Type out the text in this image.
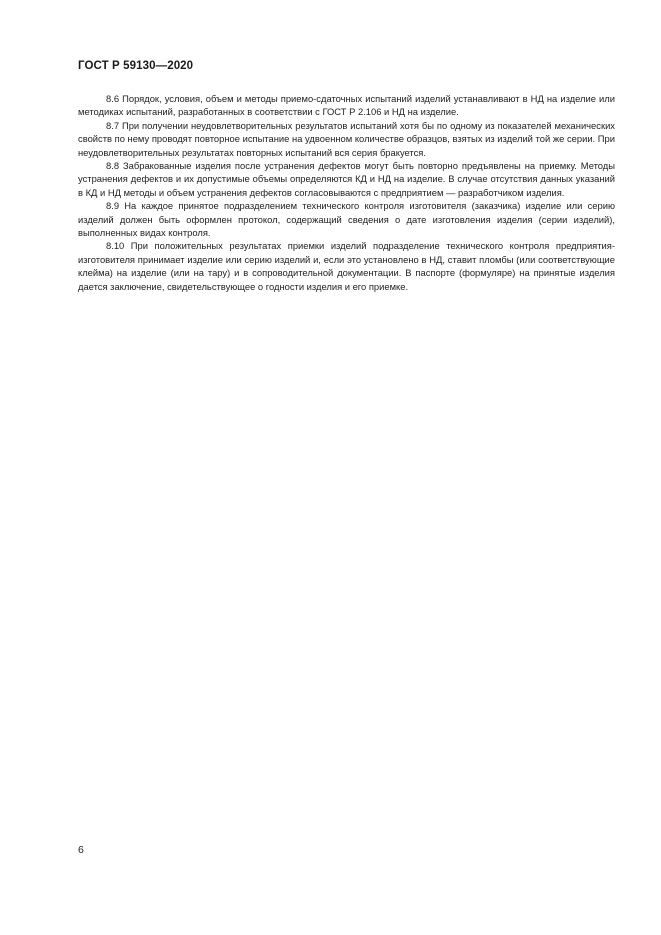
ГОСТ Р 59130—2020

8.6 Порядок, условия, объем и методы приемо-сдаточных испытаний изделий устанавливают в НД на изделие или методиках испытаний, разработанных в соответствии с ГОСТ Р 2.106 и НД на изделие.

8.7 При получении неудовлетворительных результатов испытаний хотя бы по одному из показателей механических свойств по нему проводят повторное испытание на удвоенном количестве образцов, взятых из изделий той же серии. При неудовлетворительных результатах повторных испытаний вся серия бракуется.

8.8 Забракованные изделия после устранения дефектов могут быть повторно предъявлены на приемку. Методы устранения дефектов и их допустимые объемы определяются КД и НД на изделие. В случае отсутствия данных указаний в КД и НД методы и объем устранения дефектов согласовываются с предприятием — разработчиком изделия.

8.9 На каждое принятое подразделением технического контроля изготовителя (заказчика) изделие или серию изделий должен быть оформлен протокол, содержащий сведения о дате изготовления изделия (серии изделий), выполненных видах контроля.

8.10 При положительных результатах приемки изделий подразделение технического контроля предприятия-изготовителя принимает изделие или серию изделий и, если это установлено в НД, ставит пломбы (или соответствующие клейма) на изделие (или на тару) и в сопроводительной документации. В паспорте (формуляре) на принятые изделия дается заключение, свидетельствующее о годности изделия и его приемке.

6
